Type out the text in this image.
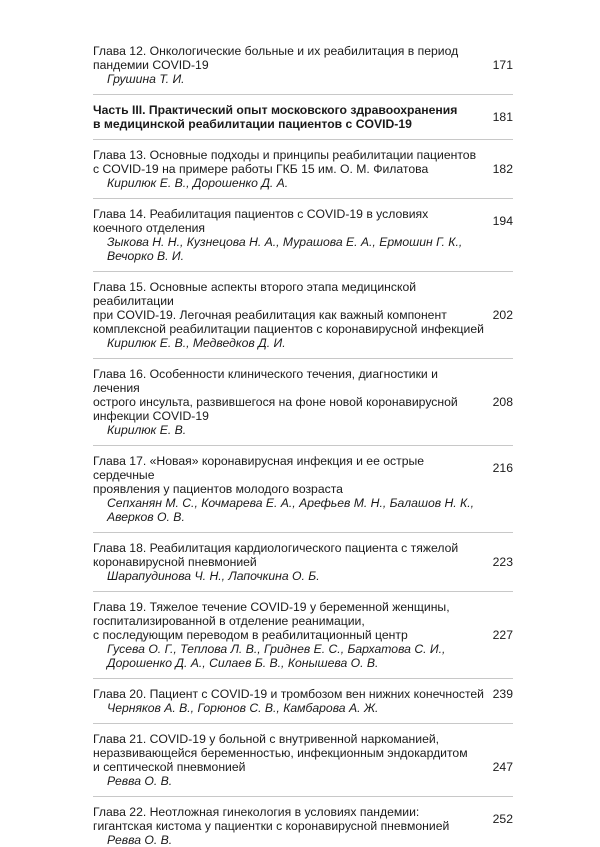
Глава 12. Онкологические больные и их реабилитация в период
пандемии COVID-19
Грушина Т. И.
171
Часть III. Практический опыт московского здравоохранения
в медицинской реабилитации пациентов с COVID-19	181
Глава 13. Основные подходы и принципы реабилитации пациентов
с COVID-19 на примере работы ГКБ 15 им. О. М. Филатова
Кирилюк Е. В., Дорошенко Д. А.
182
Глава 14. Реабилитация пациентов с COVID-19 в условиях
коечного отделения
Зыкова Н. Н., Кузнецова Н. А., Мурашова Е. А., Ермошин Г. К.,
Вечорко В. И.
194
Глава 15. Основные аспекты второго этапа медицинской реабилитации
при COVID-19. Легочная реабилитация как важный компонент
комплексной реабилитации пациентов с коронавирусной инфекцией
Кирилюк Е. В., Медведков Д. И.
202
Глава 16. Особенности клинического течения, диагностики и лечения
острого инсульта, развившегося на фоне новой коронавирусной
инфекции COVID-19
Кирилюк Е. В.
208
Глава 17. «Новая» коронавирусная инфекция и ее острые сердечные
проявления у пациентов молодого возраста
Сепханян М. С., Кочмарева Е. А., Арефьев М. Н., Балашов Н. К.,
Аверков О. В.
216
Глава 18. Реабилитация кардиологического пациента с тяжелой
коронавирусной пневмонией
Шарапудинова Ч. Н., Лапочкина О. Б.
223
Глава 19. Тяжелое течение COVID-19 у беременной женщины,
госпитализированной в отделение реанимации,
с последующим переводом в реабилитационный центр
Гусева О. Г., Теплова Л. В., Гриднев Е. С., Бархатова С. И.,
Дорошенко Д. А., Силаев Б. В., Конышева О. В.
227
Глава 20. Пациент с COVID-19 и тромбозом вен нижних конечностей
Черняков А. В., Горюнов С. В., Камбарова А. Ж.
239
Глава 21. COVID-19 у больной с внутривенной наркоманией,
неразвивающейся беременностью, инфекционным эндокардитом
и септической пневмонией
Ревва О. В.
247
Глава 22. Неотложная гинекология в условиях пандемии:
гигантская кистома у пациентки с коронавирусной пневмонией
Ревва О. В.
252
